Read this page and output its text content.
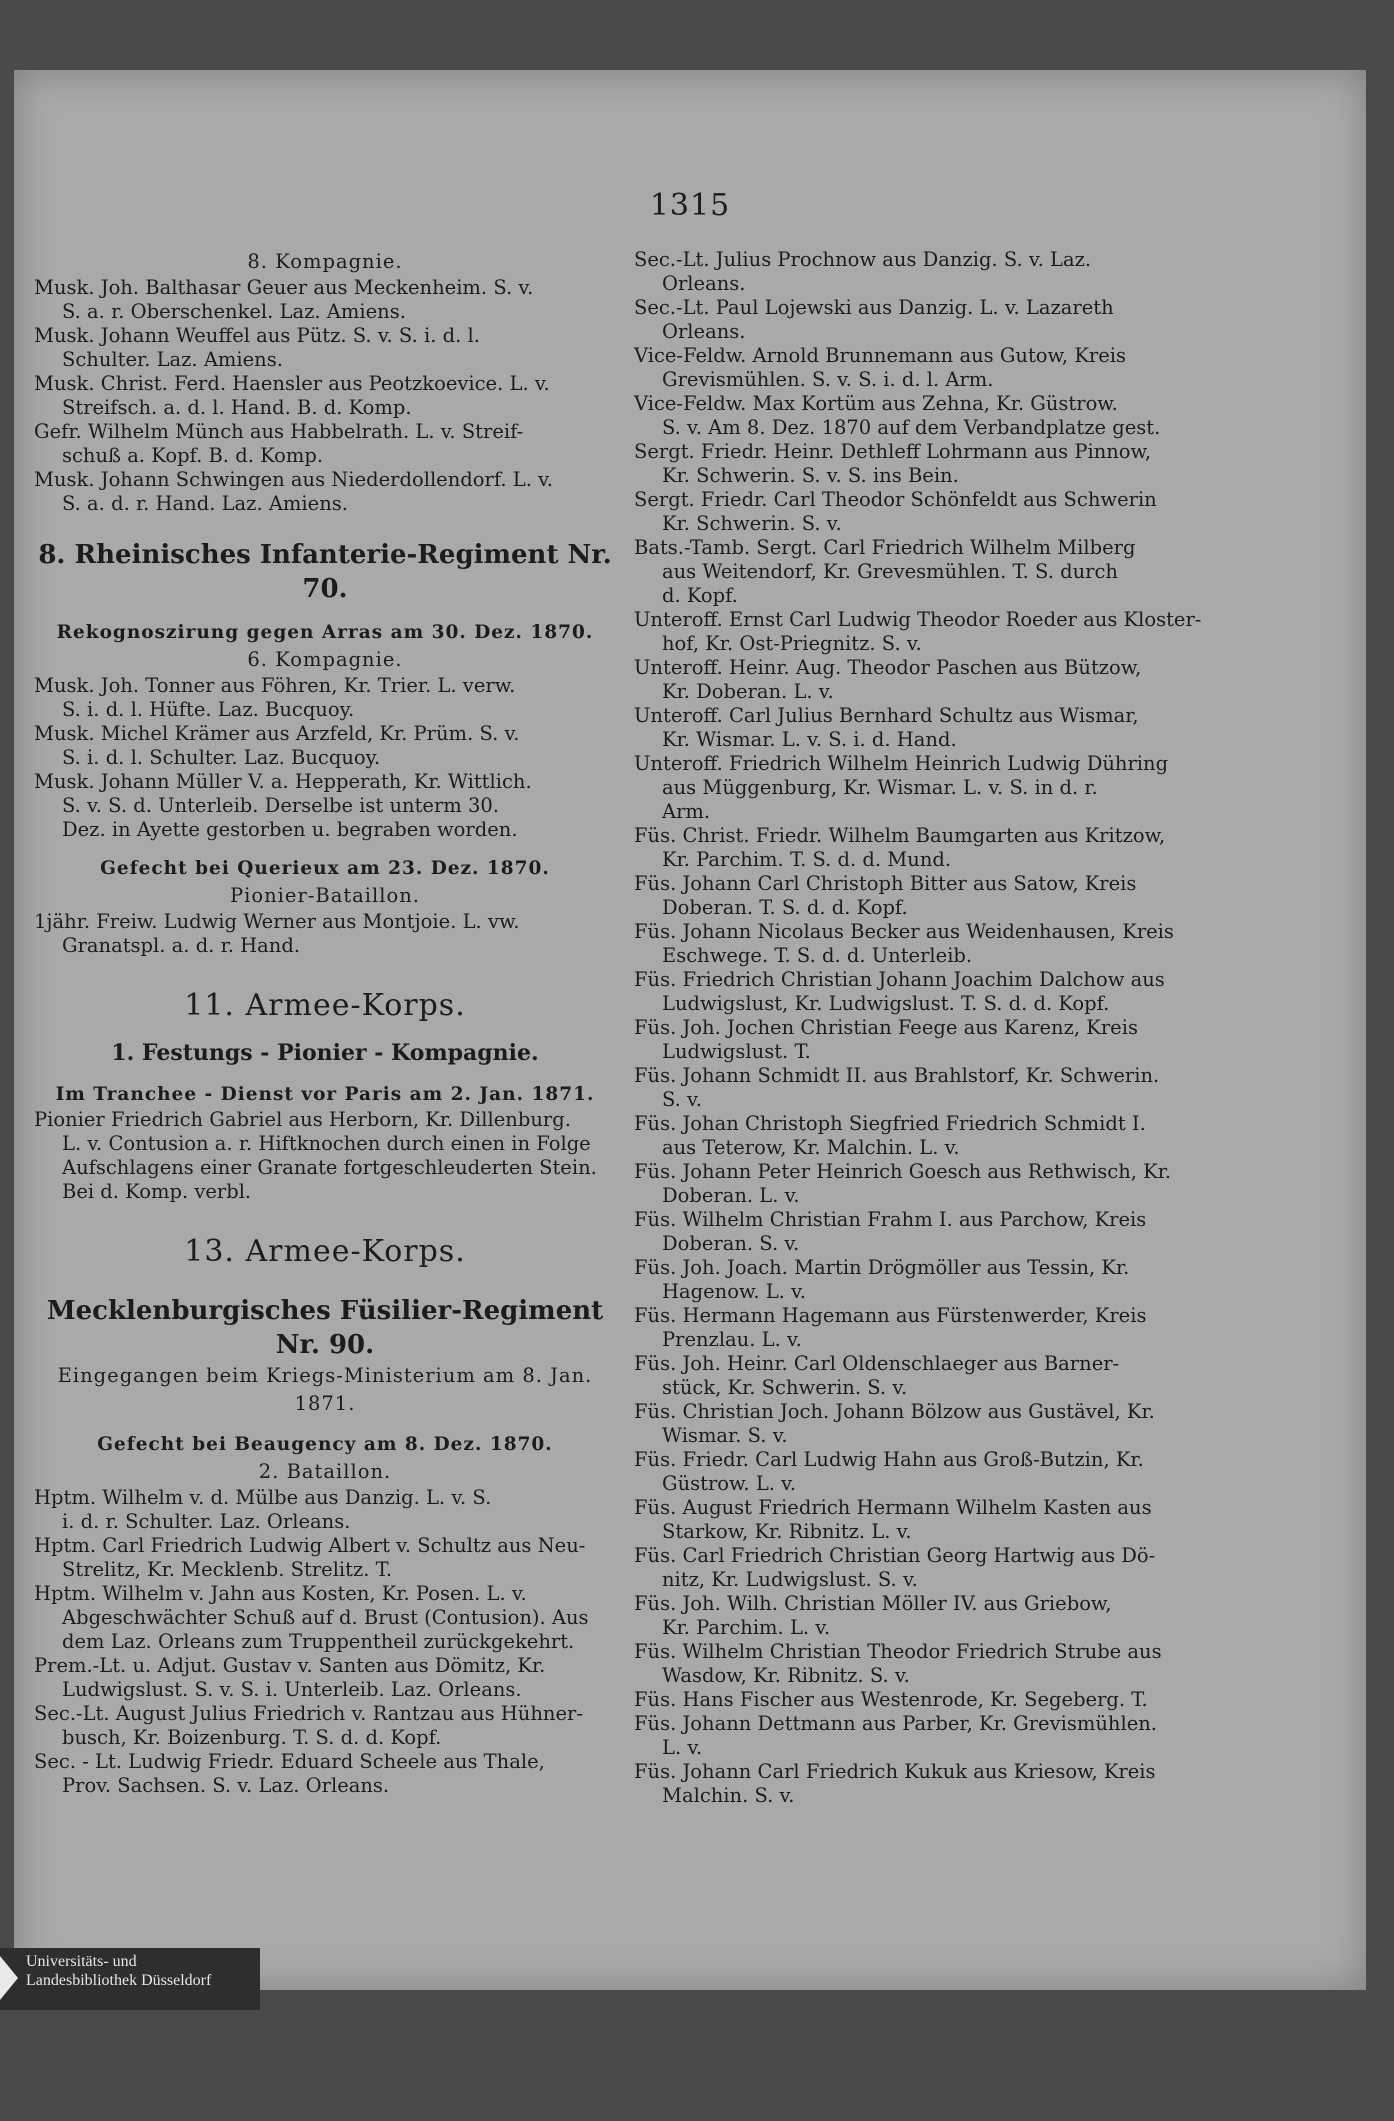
1315
8. Kompagnie.
Musk. Joh. Balthasar Geuer aus Meckenheim. S. v.
S. a. r. Oberschenkel. Laz. Amiens.
Musk. Johann Weuffel aus Pütz. S. v. S. i. d. l.
Schulter. Laz. Amiens.
Musk. Christ. Ferd. Haensler aus Peotzkoevice. L. v.
Streifsch. a. d. l. Hand. B. d. Komp.
Gefr. Wilhelm Münch aus Habbelrath. L. v. Streif-
schuß a. Kopf. B. d. Komp.
Musk. Johann Schwingen aus Niederdollendorf. L. v.
S. a. d. r. Hand. Laz. Amiens.
8. Rheinisches Infanterie-Regiment Nr. 70.
Rekognoszirung gegen Arras am 30. Dez. 1870.
6. Kompagnie.
Musk. Joh. Tonner aus Föhren, Kr. Trier. L. verw.
S. i. d. l. Hüfte. Laz. Bucquoy.
Musk. Michel Krämer aus Arzfeld, Kr. Prüm. S. v.
S. i. d. l. Schulter. Laz. Bucquoy.
Musk. Johann Müller V. a. Hepperath, Kr. Wittlich.
S. v. S. d. Unterleib. Derselbe ist unterm 30.
Dez. in Ayette gestorben u. begraben worden.
Gefecht bei Querieux am 23. Dez. 1870.
Pionier-Bataillon.
1jähr. Freiw. Ludwig Werner aus Montjoie. L. vw.
Granatspl. a. d. r. Hand.
11. Armee-Korps.
1. Festungs - Pionier - Kompagnie.
Im Tranchee - Dienst vor Paris am 2. Jan. 1871.
Pionier Friedrich Gabriel aus Herborn, Kr. Dillenburg.
L. v. Contusion a. r. Hiftknochen durch einen in Folge
Aufschlagens einer Granate fortgeschleuderten Stein.
Bei d. Komp. verbl.
13. Armee-Korps.
Mecklenburgisches Füsilier-Regiment Nr. 90.
Eingegangen beim Kriegs-Ministerium am 8. Jan. 1871.
Gefecht bei Beaugency am 8. Dez. 1870.
2. Bataillon.
Hptm. Wilhelm v. d. Mülbe aus Danzig. L. v. S.
i. d. r. Schulter. Laz. Orleans.
Hptm. Carl Friedrich Ludwig Albert v. Schultz aus Neu-
Strelitz, Kr. Mecklenb. Strelitz. T.
Hptm. Wilhelm v. Jahn aus Kosten, Kr. Posen. L. v.
Abgeschwächter Schuß auf d. Brust (Contusion). Aus
dem Laz. Orleans zum Truppentheil zurückgekehrt.
Prem.-Lt. u. Adjut. Gustav v. Santen aus Dömitz, Kr.
Ludwigslust. S. v. S. i. Unterleib. Laz. Orleans.
Sec.-Lt. August Julius Friedrich v. Rantzau aus Hühner-
busch, Kr. Boizenburg. T. S. d. d. Kopf.
Sec. - Lt. Ludwig Friedr. Eduard Scheele aus Thale,
Prov. Sachsen. S. v. Laz. Orleans.
Sec.-Lt. Julius Prochnow aus Danzig. S. v. Laz.
Orleans.
Sec.-Lt. Paul Lojewski aus Danzig. L. v. Lazareth
Orleans.
Vice-Feldw. Arnold Brunnemann aus Gutow, Kreis
Grevismühlen. S. v. S. i. d. l. Arm.
Vice-Feldw. Max Kortüm aus Zehna, Kr. Güstrow.
S. v. Am 8. Dez. 1870 auf dem Verbandplatze gest.
Sergt. Friedr. Heinr. Dethleff Lohrmann aus Pinnow,
Kr. Schwerin. S. v. S. ins Bein.
Sergt. Friedr. Carl Theodor Schönfeldt aus Schwerin
Kr. Schwerin. S. v.
Bats.-Tamb. Sergt. Carl Friedrich Wilhelm Milberg
aus Weitendorf, Kr. Grevesmühlen. T. S. durch
d. Kopf.
Unteroff. Ernst Carl Ludwig Theodor Roeder aus Kloster-
hof, Kr. Ost-Priegnitz. S. v.
Unteroff. Heinr. Aug. Theodor Paschen aus Bützow,
Kr. Doberan. L. v.
Unteroff. Carl Julius Bernhard Schultz aus Wismar,
Kr. Wismar. L. v. S. i. d. Hand.
Unteroff. Friedrich Wilhelm Heinrich Ludwig Dühring
aus Müggenburg, Kr. Wismar. L. v. S. in d. r.
Arm.
Füs. Christ. Friedr. Wilhelm Baumgarten aus Kritzow,
Kr. Parchim. T. S. d. d. Mund.
Füs. Johann Carl Christoph Bitter aus Satow, Kreis
Doberan. T. S. d. d. Kopf.
Füs. Johann Nicolaus Becker aus Weidenhausen, Kreis
Eschwege. T. S. d. d. Unterleib.
Füs. Friedrich Christian Johann Joachim Dalchow aus
Ludwigslust, Kr. Ludwigslust. T. S. d. d. Kopf.
Füs. Joh. Jochen Christian Feege aus Karenz, Kreis
Ludwigslust. T.
Füs. Johann Schmidt II. aus Brahlstorf, Kr. Schwerin.
S. v.
Füs. Johan Christoph Siegfried Friedrich Schmidt I.
aus Teterow, Kr. Malchin. L. v.
Füs. Johann Peter Heinrich Goesch aus Rethwisch, Kr.
Doberan. L. v.
Füs. Wilhelm Christian Frahm I. aus Parchow, Kreis
Doberan. S. v.
Füs. Joh. Joach. Martin Drögmöller aus Tessin, Kr.
Hagenow. L. v.
Füs. Hermann Hagemann aus Fürstenwerder, Kreis
Prenzlau. L. v.
Füs. Joh. Heinr. Carl Oldenschlaeger aus Barner-
stück, Kr. Schwerin. S. v.
Füs. Christian Joch. Johann Bölzow aus Gustävel, Kr.
Wismar. S. v.
Füs. Friedr. Carl Ludwig Hahn aus Groß-Butzin, Kr.
Güstrow. L. v.
Füs. August Friedrich Hermann Wilhelm Kasten aus
Starkow, Kr. Ribnitz. L. v.
Füs. Carl Friedrich Christian Georg Hartwig aus Dö-
nitz, Kr. Ludwigslust. S. v.
Füs. Joh. Wilh. Christian Möller IV. aus Griebow,
Kr. Parchim. L. v.
Füs. Wilhelm Christian Theodor Friedrich Strube aus
Wasdow, Kr. Ribnitz. S. v.
Füs. Hans Fischer aus Westenrode, Kr. Segeberg. T.
Füs. Johann Dettmann aus Parber, Kr. Grevismühlen.
L. v.
Füs. Johann Carl Friedrich Kukuk aus Kriesow, Kreis
Malchin. S. v.
Universitäts- und
Landesbibliothek Düsseldorf
